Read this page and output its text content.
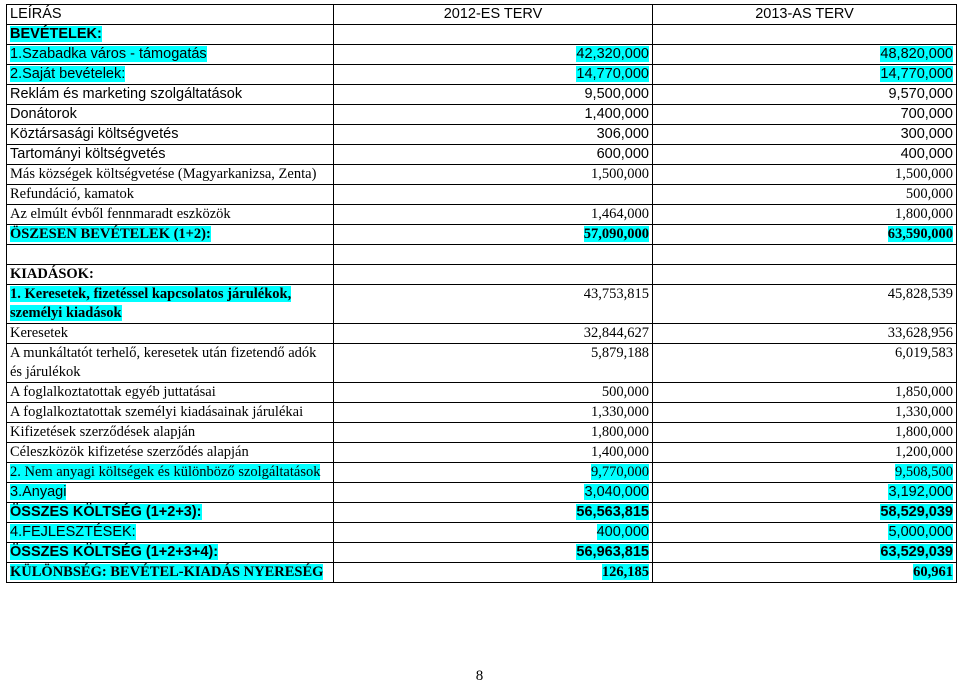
LEÍRÁS	2012-ES TERV	2013-AS TERV
BEVÉTELEK:		
1.Szabadka város - támogatás	42,320,000	48,820,000
2.Saját bevételek:	14,770,000	14,770,000
Reklám és marketing szolgáltatások	9,500,000	9,570,000
Donátorok	1,400,000	700,000
Köztársasági költségvetés	306,000	300,000
Tartományi költségvetés	600,000	400,000
Más községek költségvetése (Magyarkanizsa, Zenta)	1,500,000	1,500,000
Refundáció, kamatok		500,000
Az elmúlt évből fennmaradt eszközök	1,464,000	1,800,000
ÖSZESEN BEVÉTELEK (1+2):	57,090,000	63,590,000

KIADÁSOK:		
1. Keresetek, fizetéssel kapcsolatos járulékok, személyi kiadások	43,753,815	45,828,539
Keresetek	32,844,627	33,628,956
A munkáltatót terhelő, keresetek után fizetendő adók és járulékok	5,879,188	6,019,583
A foglalkoztatottak egyéb juttatásai	500,000	1,850,000
A foglalkoztatottak személyi kiadásainak járulékai	1,330,000	1,330,000
Kifizetések szerződések alapján	1,800,000	1,800,000
Céleszközök kifizetése szerződés alapján	1,400,000	1,200,000
2. Nem anyagi költségek és különböző szolgáltatások	9,770,000	9,508,500
3.Anyagi	3,040,000	3,192,000
ÖSSZES KÖLTSÉG (1+2+3):	56,563,815	58,529,039
4.FEJLESZTÉSEK:	400,000	5,000,000
ÖSSZES KÖLTSÉG (1+2+3+4):	56,963,815	63,529,039
KÜLÖNBSÉG: BEVÉTEL-KIADÁS NYERESÉG	126,185	60,961
8
